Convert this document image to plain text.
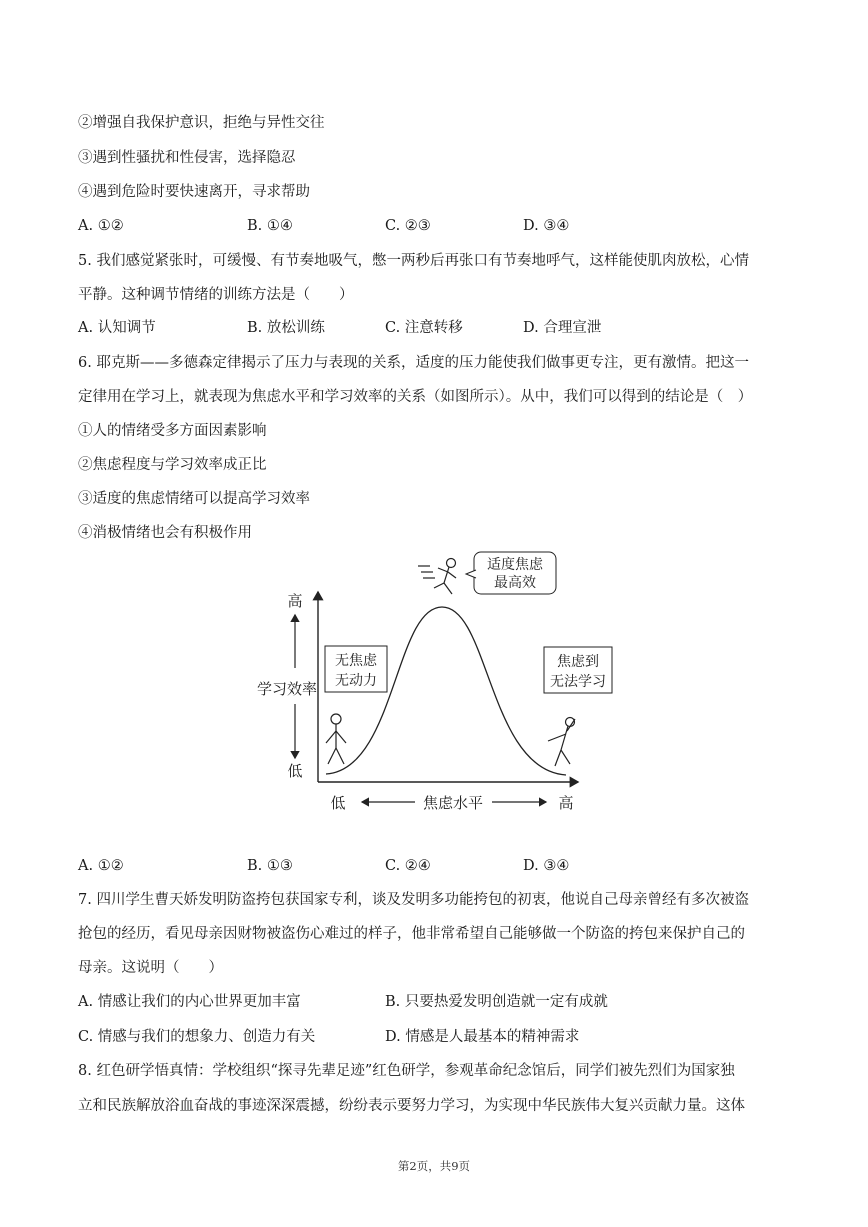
②增强自我保护意识，拒绝与异性交往
③遇到性骚扰和性侵害，选择隐忍
④遇到危险时要快速离开，寻求帮助
A. ①②	B. ①④	C. ②③	D. ③④
5. 我们感觉紧张时，可缓慢、有节奏地吸气，憋一两秒后再张口有节奏地呼气，这样能使肌肉放松，心情
平静。这种调节情绪的训练方法是（　　）
A. 认知调节	B. 放松训练	C. 注意转移	D. 合理宣泄
6. 耶克斯——多德森定律揭示了压力与表现的关系，适度的压力能使我们做事更专注，更有激情。把这一
定律用在学习上，就表现为焦虑水平和学习效率的关系（如图所示）。从中，我们可以得到的结论是（　）
①人的情绪受多方面因素影响
②焦虑程度与学习效率成正比
③适度的焦虑情绪可以提高学习效率
④消极情绪也会有积极作用
高
学习效率
低
低	焦虑水平	高
无焦虑
无动力
适度焦虑
最高效
焦虑到
无法学习
A. ①②	B. ①③	C. ②④	D. ③④
7. 四川学生曹天娇发明防盗挎包获国家专利，谈及发明多功能挎包的初衷，他说自己母亲曾经有多次被盗
抢包的经历，看见母亲因财物被盗伤心难过的样子，他非常希望自己能够做一个防盗的挎包来保护自己的
母亲。这说明（　　）
A. 情感让我们的内心世界更加丰富	B. 只要热爱发明创造就一定有成就
C. 情感与我们的想象力、创造力有关	D. 情感是人最基本的精神需求
8. 红色研学悟真情：学校组织“探寻先辈足迹”红色研学，参观革命纪念馆后，同学们被先烈们为国家独
立和民族解放浴血奋战的事迹深深震撼，纷纷表示要努力学习，为实现中华民族伟大复兴贡献力量。这体
第2页，共9页
